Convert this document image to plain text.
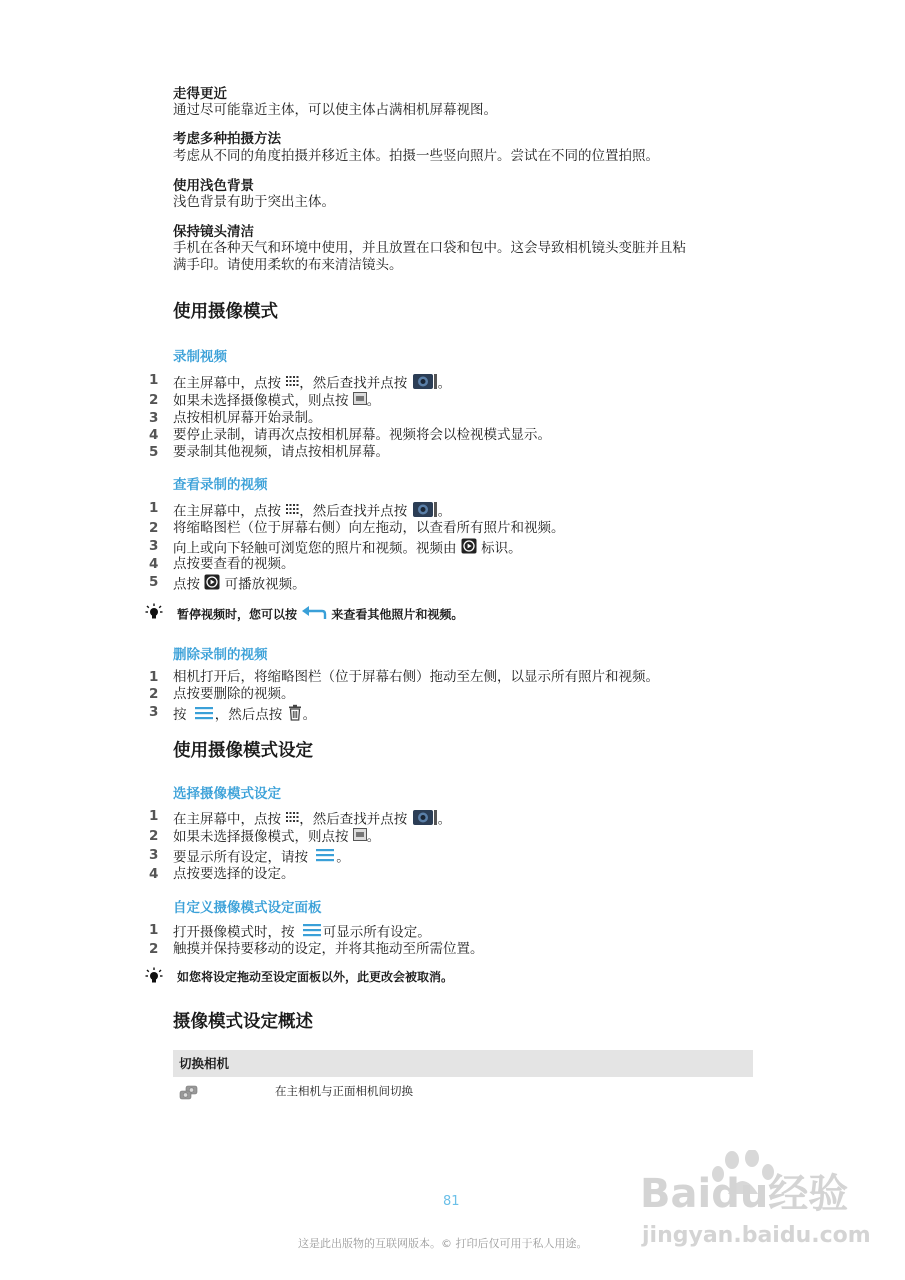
走得更近
通过尽可能靠近主体，可以使主体占满相机屏幕视图。
考虑多种拍摄方法
考虑从不同的角度拍摄并移近主体。拍摄一些竖向照片。尝试在不同的位置拍照。
使用浅色背景
浅色背景有助于突出主体。
保持镜头清洁
手机在各种天气和环境中使用，并且放置在口袋和包中。这会导致相机镜头变脏并且粘
满手印。请使用柔软的布来清洁镜头。
使用摄像模式
录制视频
1 在主屏幕中，点按 ，然后查找并点按 。
2 如果未选择摄像模式，则点按 。
3 点按相机屏幕开始录制。
4 要停止录制，请再次点按相机屏幕。视频将会以检视模式显示。
5 要录制其他视频，请点按相机屏幕。
查看录制的视频
1 在主屏幕中，点按 ，然后查找并点按 。
2 将缩略图栏（位于屏幕右侧）向左拖动，以查看所有照片和视频。
3 向上或向下轻触可浏览您的照片和视频。视频由 标识。
4 点按要查看的视频。
5 点按 可播放视频。
暂停视频时，您可以按	来查看其他照片和视频。
删除录制的视频
1 相机打开后，将缩略图栏（位于屏幕右侧）拖动至左侧，以显示所有照片和视频。
2 点按要删除的视频。
3 按 ，然后点按 。
使用摄像模式设定
选择摄像模式设定
1 在主屏幕中，点按 ，然后查找并点按 。
2 如果未选择摄像模式，则点按 。
3 要显示所有设定，请按 。
4 点按要选择的设定。
自定义摄像模式设定面板
1 打开摄像模式时，按 可显示所有设定。
2 触摸并保持要移动的设定，并将其拖动至所需位置。
如您将设定拖动至设定面板以外，此更改会被取消。
摄像模式设定概述
切换相机
在主相机与正面相机间切换
81
这是此出版物的互联网版本。© 打印后仅可用于私人用途。
Baidu经验
jingyan.baidu.com
